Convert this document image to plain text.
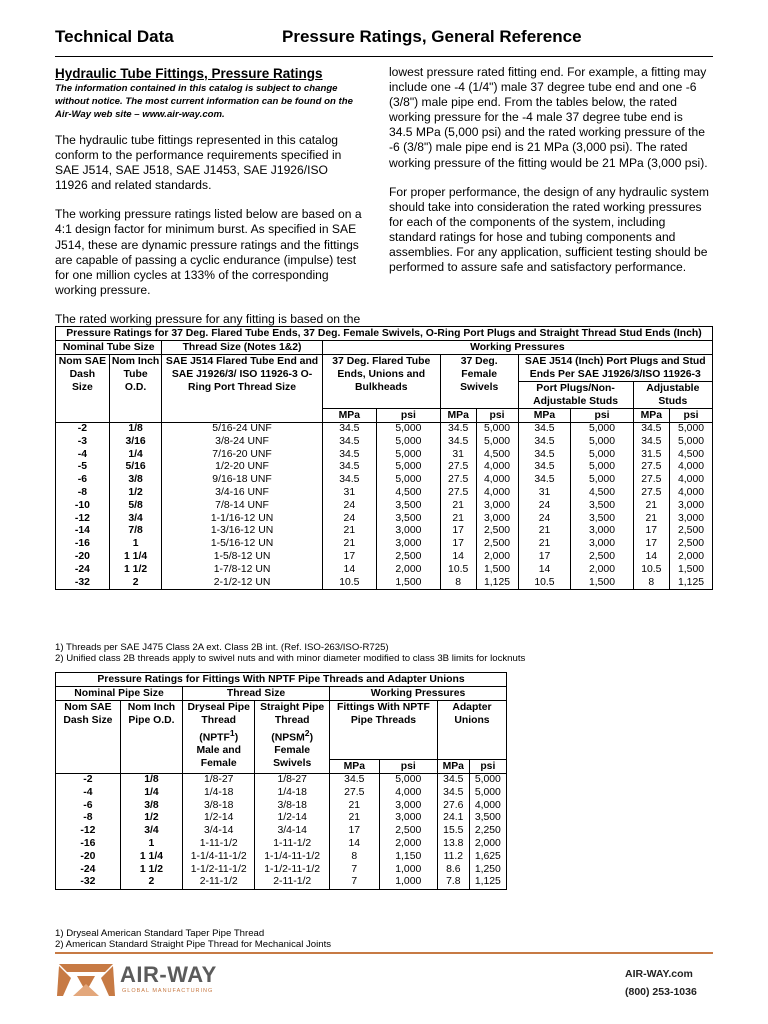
Technical Data	Pressure Ratings, General Reference

Hydraulic Tube Fittings, Pressure Ratings

The information contained in this catalog is subject to change without notice. The most current information can be found on the Air-Way web site – www.air-way.com.

The hydraulic tube fittings represented in this catalog conform to the performance requirements specified in SAE J514, SAE J518, SAE J1453, SAE J1926/ISO 11926 and related standards.

The working pressure ratings listed below are based on a 4:1 design factor for minimum burst. As specified in SAE J514, these are dynamic pressure ratings and the fittings are capable of passing a cyclic endurance (impulse) test for one million cycles at 133% of the corresponding working pressure.

The rated working pressure for any fitting is based on the

lowest pressure rated fitting end. For example, a fitting may include one -4 (1/4") male 37 degree tube end and one -6 (3/8") male pipe end. From the tables below, the rated working pressure for the -4 male 37 degree tube end is 34.5 MPa (5,000 psi) and the rated working pressure of the -6 (3/8") male pipe end is 21 MPa (3,000 psi). The rated working pressure of the fitting would be 21 MPa (3,000 psi).

For proper performance, the design of any hydraulic system should take into consideration the rated working pressures for each of the components of the system, including standard ratings for hose and tubing components and assemblies. For any application, sufficient testing should be performed to assure safe and satisfactory performance.

Pressure Ratings for 37 Deg. Flared Tube Ends, 37 Deg. Female Swivels, O-Ring Port Plugs and Straight Thread Stud Ends (Inch)										
Nominal Tube Size		Thread Size (Notes 1&2)	Working Pressures							
Nom SAE Dash Size	Nom Inch Tube O.D.	SAE J514 Flared Tube End and SAE J1926/3/ ISO 11926-3 O-Ring Port Thread Size	37 Deg. Flared Tube Ends, Unions and Bulkheads		37 Deg. Female Swivels		SAE J514 (Inch) Port Plugs and Stud Ends Per SAE J1926/3/ISO 11926-3			
							Port Plugs/Non-Adjustable Studs		Adjustable Studs	
			MPa	psi	MPa	psi	MPa	psi	MPa	psi
-2	1/8	5/16-24 UNF	34.5	5,000	34.5	5,000	34.5	5,000	34.5	5,000
-3	3/16	3/8-24 UNF	34.5	5,000	34.5	5,000	34.5	5,000	34.5	5,000
-4	1/4	7/16-20 UNF	34.5	5,000	31	4,500	34.5	5,000	31.5	4,500
-5	5/16	1/2-20 UNF	34.5	5,000	27.5	4,000	34.5	5,000	27.5	4,000
-6	3/8	9/16-18 UNF	34.5	5,000	27.5	4,000	34.5	5,000	27.5	4,000
-8	1/2	3/4-16 UNF	31	4,500	27.5	4,000	31	4,500	27.5	4,000
-10	5/8	7/8-14 UNF	24	3,500	21	3,000	24	3,500	21	3,000
-12	3/4	1-1/16-12 UN	24	3,500	21	3,000	24	3,500	21	3,000
-14	7/8	1-3/16-12 UN	21	3,000	17	2,500	21	3,000	17	2,500
-16	1	1-5/16-12 UN	21	3,000	17	2,500	21	3,000	17	2,500
-20	1 1/4	1-5/8-12 UN	17	2,500	14	2,000	17	2,500	14	2,000
-24	1 1/2	1-7/8-12 UN	14	2,000	10.5	1,500	14	2,000	10.5	1,500
-32	2	2-1/2-12 UN	10.5	1,500	8	1,125	10.5	1,500	8	1,125
1) Threads per SAE J475 Class 2A ext. Class 2B int. (Ref. ISO-263/ISO-R725)
2) Unified class 2B threads apply to swivel nuts and with minor diameter modified to class 3B limits for locknuts
Pressure Ratings for Fittings With NPTF Pipe Threads and Adapter Unions							
Nominal Pipe Size		Thread Size		Working Pressures			
Nom SAE Dash Size	Nom Inch Pipe O.D.	Dryseal Pipe Thread
(NPTF$^1$)
Male and Female	Straight Pipe Thread
(NPSM$^2$)
Female Swivels	Fittings With NPTF Pipe Threads		Adapter Unions	
				MPa	psi	MPa	psi
-2	1/8	1/8-27	1/8-27	34.5	5,000	34.5	5,000
-4	1/4	1/4-18	1/4-18	27.5	4,000	34.5	5,000
-6	3/8	3/8-18	3/8-18	21	3,000	27.6	4,000
-8	1/2	1/2-14	1/2-14	21	3,000	24.1	3,500
-12	3/4	3/4-14	3/4-14	17	2,500	15.5	2,250
-16	1	1-11-1/2	1-11-1/2	14	2,000	13.8	2,000
-20	1 1/4	1-1/4-11-1/2	1-1/4-11-1/2	8	1,150	11.2	1,625
-24	1 1/2	1-1/2-11-1/2	1-1/2-11-1/2	7	1,000	8.6	1,250
-32	2	2-11-1/2	2-11-1/2	7	1,000	7.8	1,125
1) Dryseal American Standard Taper Pipe Thread
2) American Standard Straight Pipe Thread for Mechanical Joints
AIR-WAY
GLOBAL MANUFACTURING
AIR-WAY.com
(800) 253-1036
